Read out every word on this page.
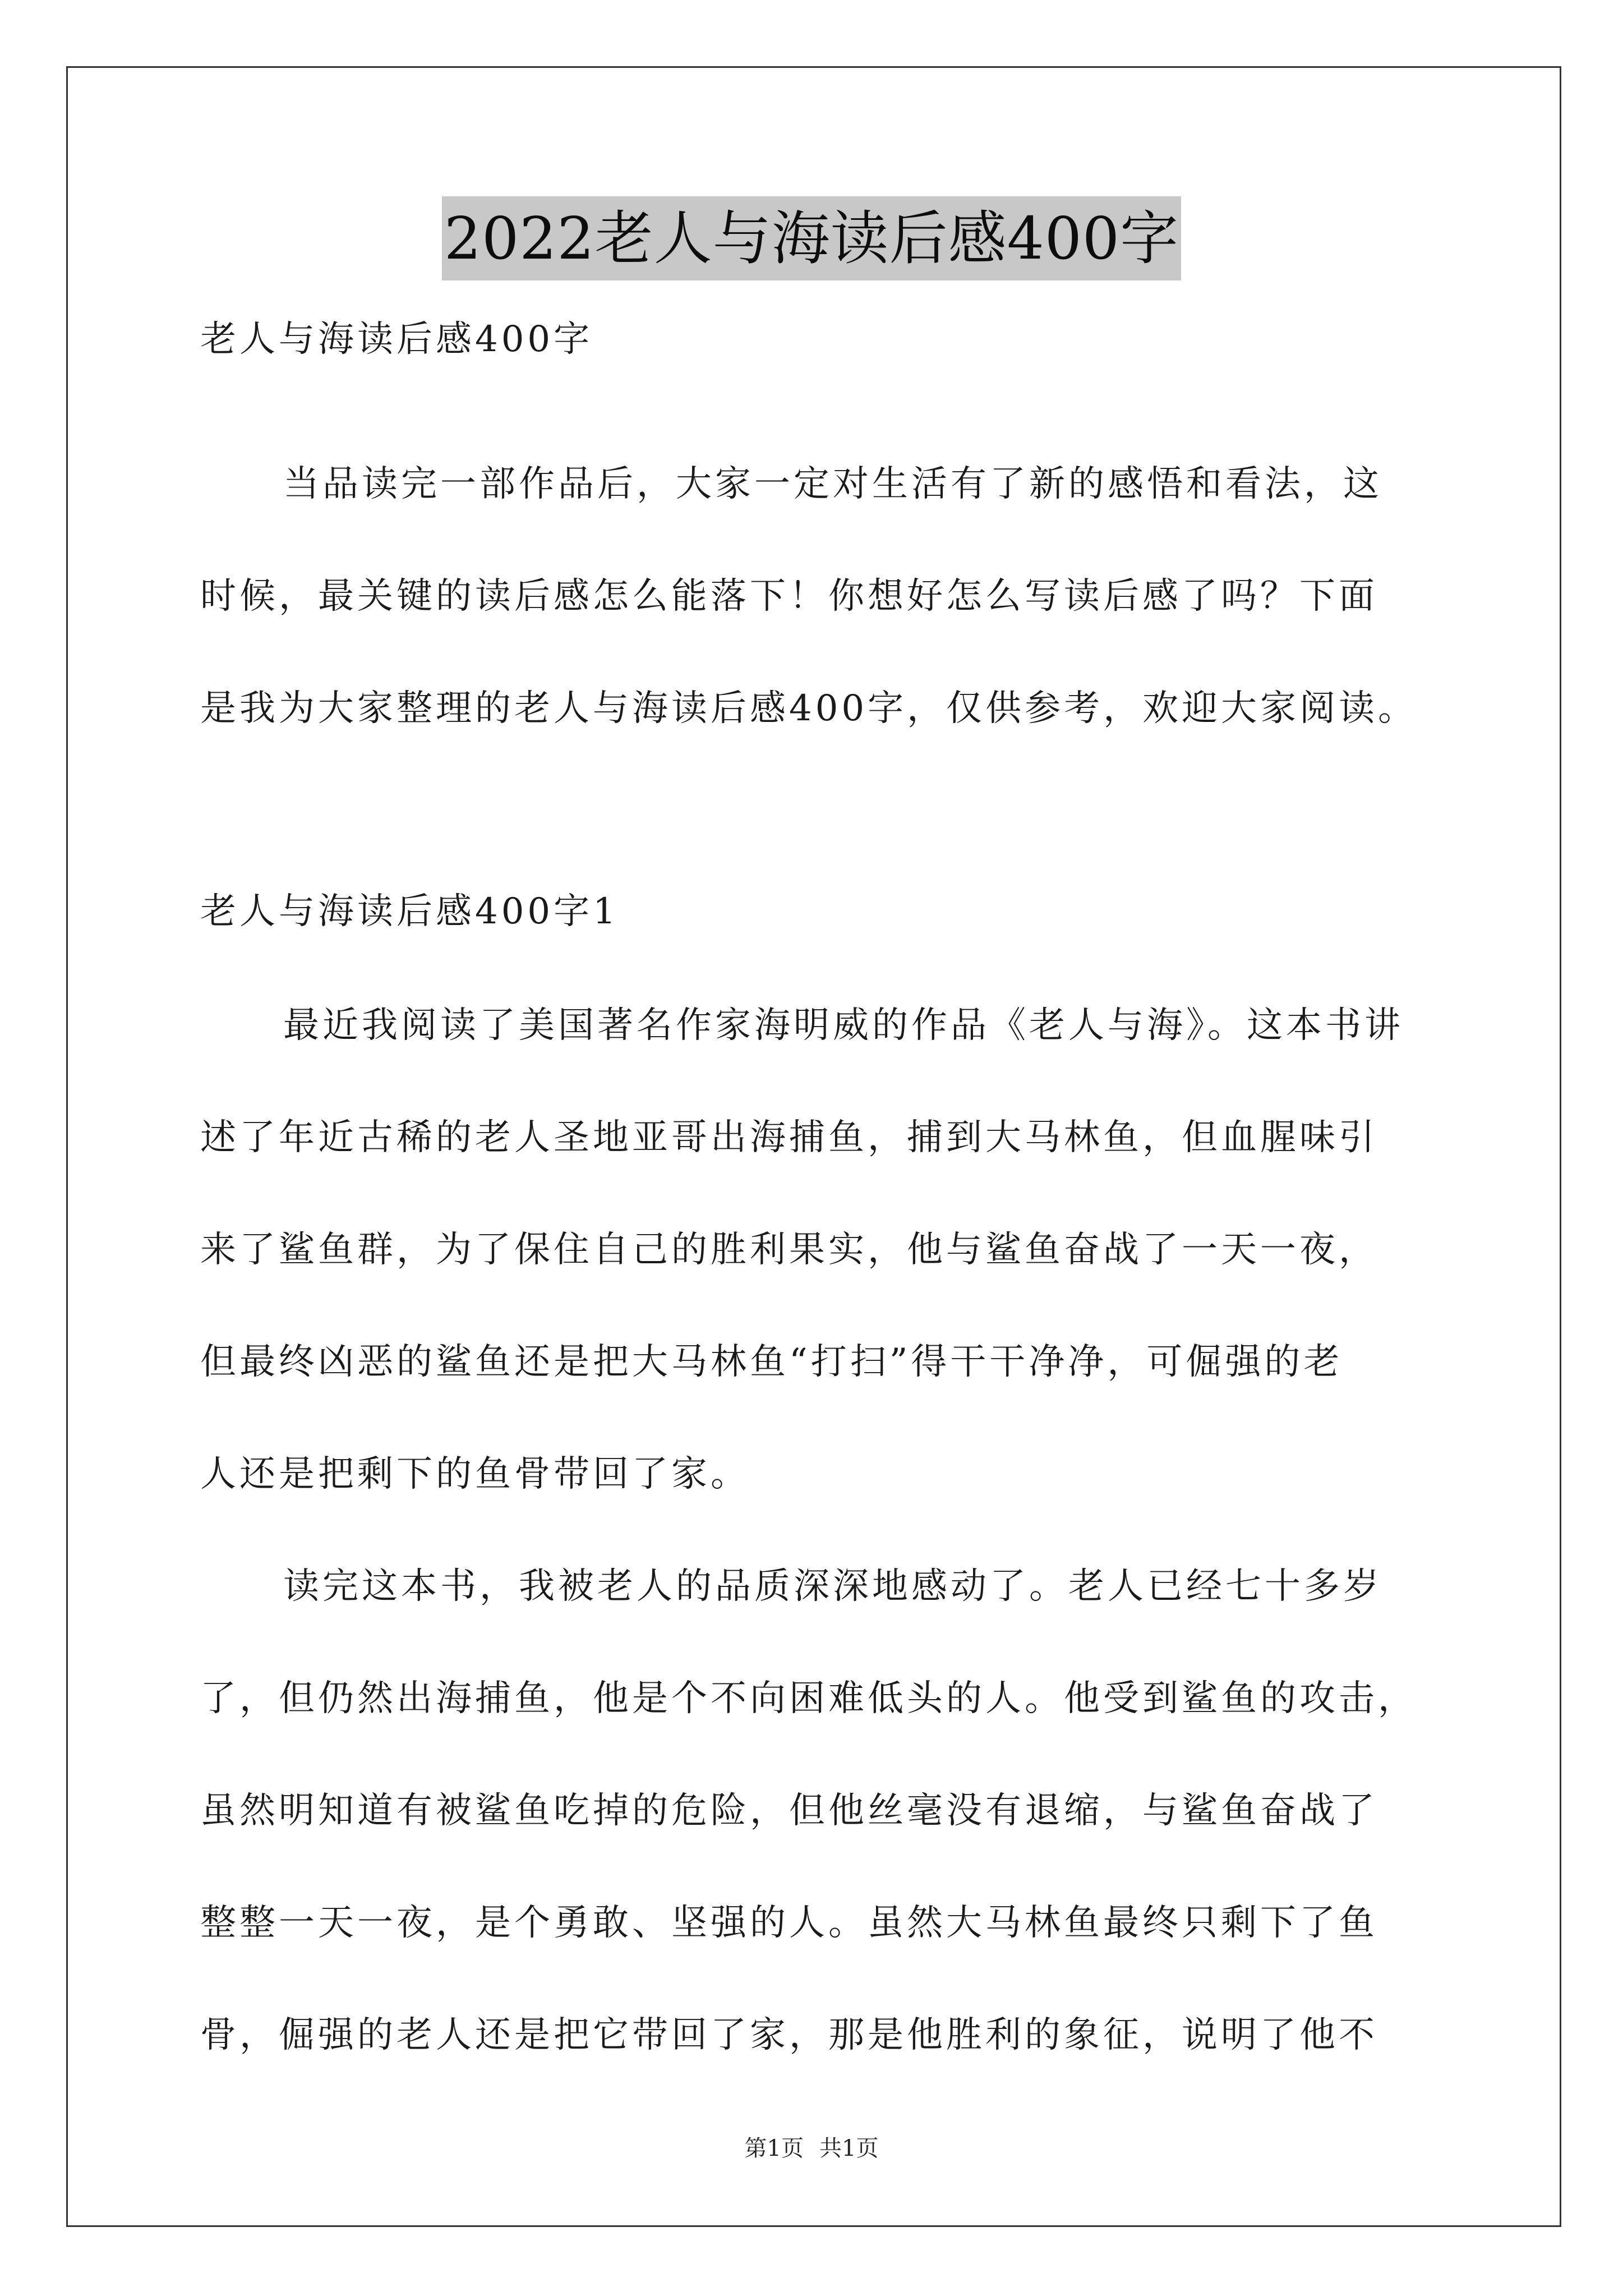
2022老人与海读后感400字
老人与海读后感400字
当品读完一部作品后，大家一定对生活有了新的感悟和看法，这
时候，最关键的读后感怎么能落下！你想好怎么写读后感了吗？下面
是我为大家整理的老人与海读后感400字，仅供参考，欢迎大家阅读。
老人与海读后感400字1
最近我阅读了美国著名作家海明威的作品《老人与海》。这本书讲
述了年近古稀的老人圣地亚哥出海捕鱼，捕到大马林鱼，但血腥味引
来了鲨鱼群，为了保住自己的胜利果实，他与鲨鱼奋战了一天一夜，
但最终凶恶的鲨鱼还是把大马林鱼“打扫”得干干净净，可倔强的老
人还是把剩下的鱼骨带回了家。
读完这本书，我被老人的品质深深地感动了。老人已经七十多岁
了，但仍然出海捕鱼，他是个不向困难低头的人。他受到鲨鱼的攻击，
虽然明知道有被鲨鱼吃掉的危险，但他丝毫没有退缩，与鲨鱼奋战了
整整一天一夜，是个勇敢、坚强的人。虽然大马林鱼最终只剩下了鱼
骨，倔强的老人还是把它带回了家，那是他胜利的象征，说明了他不
第1页 共1页
